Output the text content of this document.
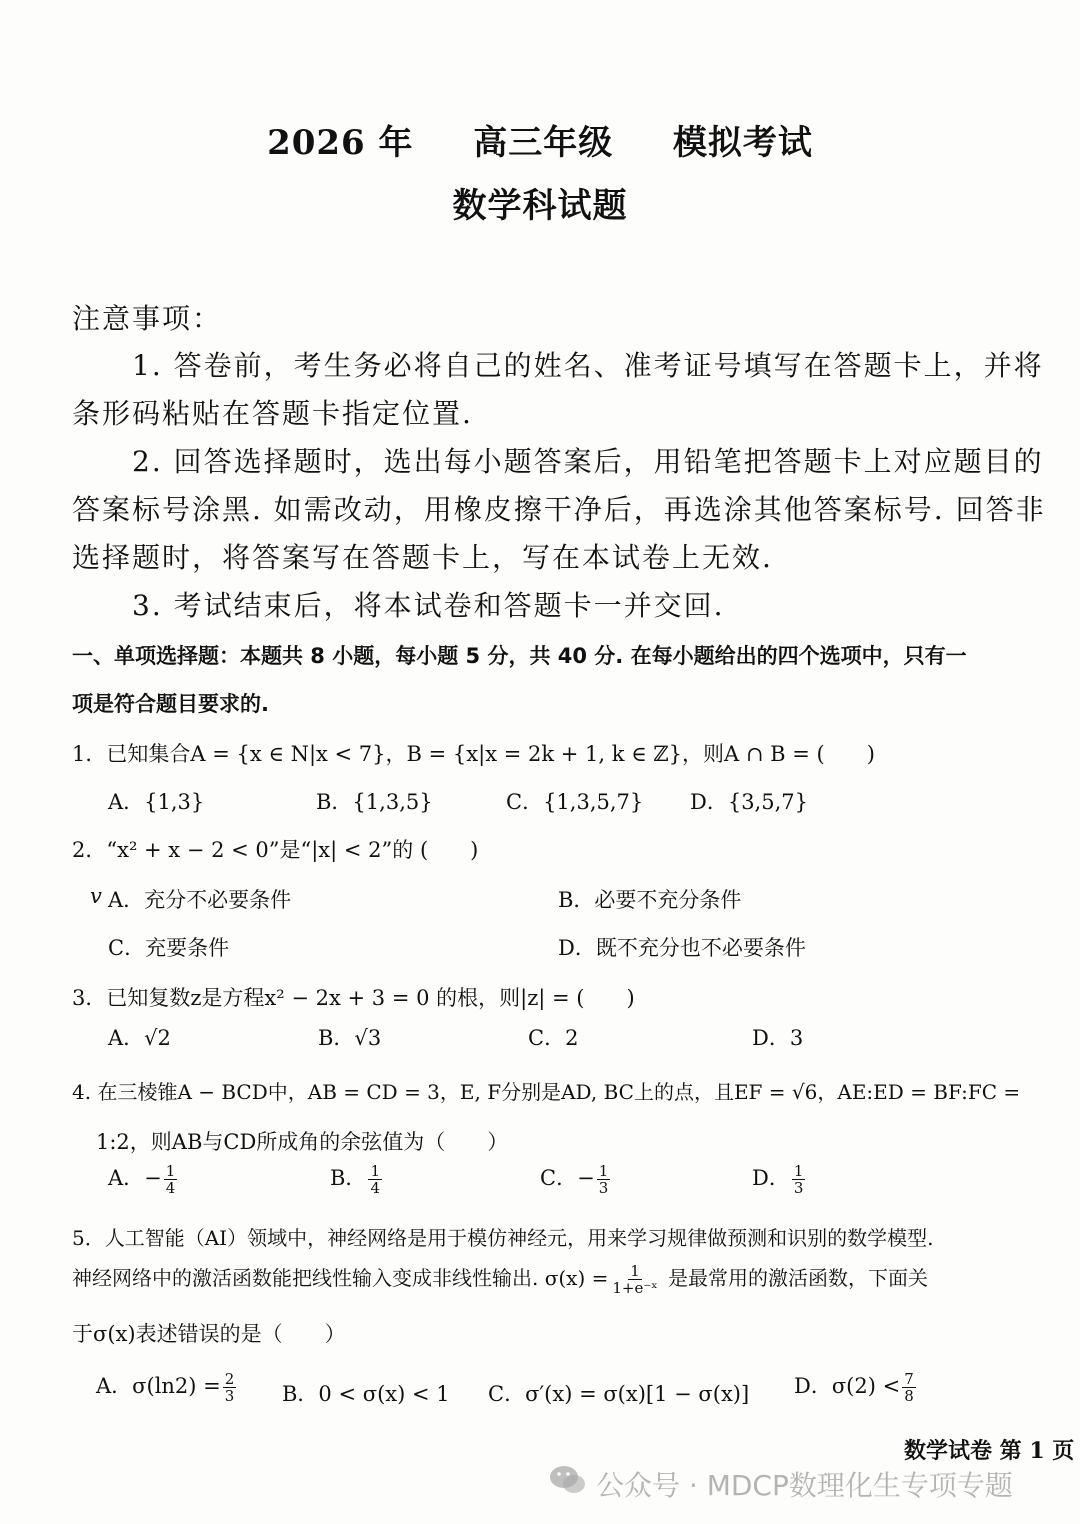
2026 年 高三年级 模拟考试
数学科试题
注意事项：
1. 答卷前，考生务必将自己的姓名、准考证号填写在答题卡上，并将
条形码粘贴在答题卡指定位置.
2. 回答选择题时，选出每小题答案后，用铅笔把答题卡上对应题目的
答案标号涂黑. 如需改动，用橡皮擦干净后，再选涂其他答案标号. 回答非
选择题时，将答案写在答题卡上，写在本试卷上无效.
3. 考试结束后，将本试卷和答题卡一并交回.
一、单项选择题：本题共 8 小题，每小题 5 分，共 40 分. 在每小题给出的四个选项中，只有一
项是符合题目要求的.
1．已知集合A = {x ∈ N|x < 7}，B = {x|x = 2k + 1, k ∈ ℤ}，则A ∩ B = (　　)
A．{1,3}	B．{1,3,5}	C．{1,3,5,7} D．{3,5,7}
2．“x² + x − 2 < 0”是“|x| < 2”的 (　　)
v A．充分不必要条件	B．必要不充分条件
C．充要条件	D．既不充分也不必要条件
3．已知复数z是方程x² − 2x + 3 = 0 的根，则|z| = (　　)
A．√2	B．√3	C．2	D．3
4. 在三棱锥A − BCD中，AB = CD = 3，E, F分别是AD, BC上的点，且EF = √6，AE:ED = BF:FC =
1:2，则AB与CD所成角的余弦值为（　　）
A．− $\frac{1}{4}$	B． $\frac{1}{4}$	C．− $\frac{1}{3}$	D． $\frac{1}{3}$
5．人工智能（AI）领域中，神经网络是用于模仿神经元，用来学习规律做预测和识别的数学模型.
神经网络中的激活函数能把线性输入变成非线性输出. $\sigma(x) = \frac{1}{\text{1+e⁻ˣ}}$ 是最常用的激活函数，下面关
于σ(x)表述错误的是（　　）
A．$\sigma(\ln 2) = \frac{2}{3}$ B．0 < σ(x) < 1 C．σ′(x) = σ(x)[1 − σ(x)] D．$\sigma(2) < \frac{7}{8}$
数学试卷 第 1 页
公众号 · MDCP数理化生专项专题
